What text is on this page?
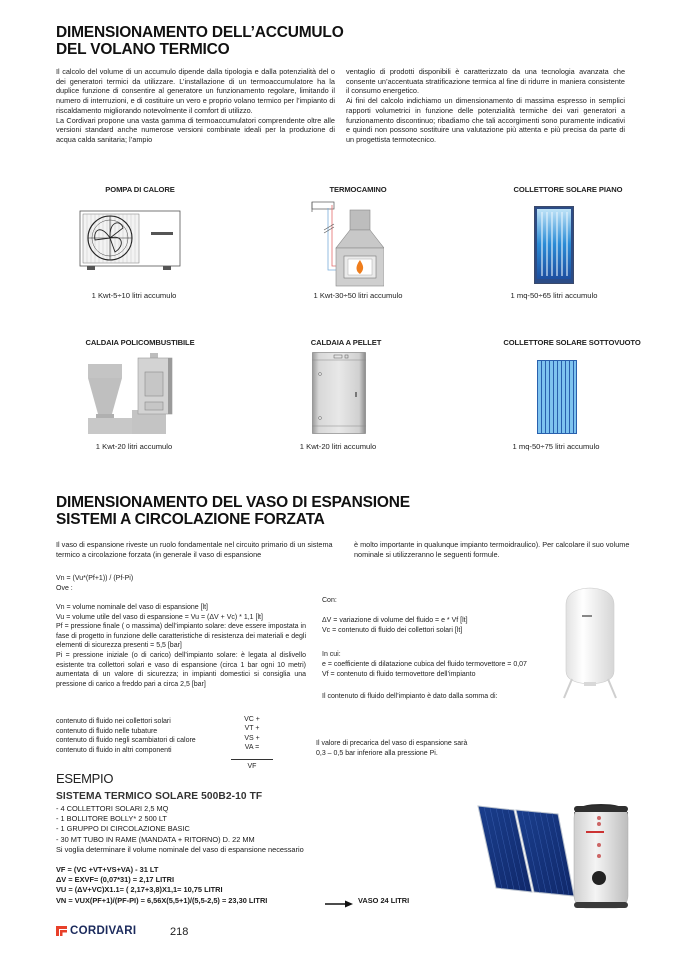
DIMENSIONAMENTO DELL’ACCUMULO
DEL VOLANO TERMICO

Il calcolo del volume di un accumulo dipende dalla tipologia e dalla potenzialità del o dei generatori termici da utilizzare. L’installazione di un termoaccumulatore ha la duplice funzione di consentire al generatore un funzionamento regolare, limitando il numero di interruzioni, e di costituire un vero e proprio volano termico per l’impianto di riscaldamento migliorando notevolmente il comfort di utilizzo.

La Cordivari propone una vasta gamma di termoaccumulatori comprendente oltre alle versioni standard anche numerose versioni combinate ideali per la produzione di acqua calda sanitaria; l’ampio

ventaglio di prodotti disponibili è caratterizzato da una tecnologia avanzata che consente un’accentuata stratificazione termica al fine di ridurre in maniera consistente il consumo energetico.

Ai fini del calcolo indichiamo un dimensionamento di massima espresso in semplici rapporti volumetrici in funzione delle potenzialità termiche dei vari generatori a funzionamento discontinuo; ribadiamo che tali accorgimenti sono puramente indicativi e quindi non possono sostituire una valutazione più attenta e più precisa da parte di un progettista termotecnico.

POMPA DI CALORE	TERMOCAMINO	COLLETTORE SOLARE PIANO
1 Kwt-5÷10 litri accumulo	1 Kwt-30÷50 litri accumulo	1 mq-50÷65 litri accumulo
CALDAIA POLICOMBUSTIBILE	CALDAIA A PELLET	COLLETTORE SOLARE SOTTOVUOTO
1 Kwt-20 litri accumulo	1 Kwt-20 litri accumulo	1 mq-50÷75 litri accumulo
DIMENSIONAMENTO DEL VASO DI ESPANSIONE
SISTEMI A CIRCOLAZIONE FORZATA
Il vaso di espansione riveste un ruolo fondamentale nel circuito primario di un sistema termico a circolazione forzata (in generale il vaso di espansione
è molto importante in qualunque impianto termoidraulico). Per calcolare il suo volume nominale si utilizzeranno le seguenti formule.
Vn = (Vu*(Pf+1)) / (Pf-Pi)
Ove :
Vn = volume nominale del vaso di espansione [lt]
Vu = volume utile del vaso di espansione = Vu = (ΔV + Vc) * 1,1 [lt]
Pf = pressione finale ( o massima) dell’impianto solare: deve essere impostata in fase di progetto in funzione delle caratteristiche di resistenza dei materiali e degli elementi di sicurezza presenti = 5,5 [bar]
Pi = pressione iniziale (o di carico) dell’impianto solare: è legata al dislivello esistente tra collettori solari e vaso di espansione (circa 1 bar ogni 10 metri) aumentata di un valore di sicurezza; in impianti domestici si consiglia una pressione di carico a freddo pari a circa 2,5 [bar]
Con:
ΔV = variazione di volume del fluido = e * Vf [lt]
Vc = contenuto di fluido dei collettori solari [lt]
In cui:
e = coefficiente di dilatazione cubica del fluido termovettore = 0,07
Vf = contenuto di fluido termovettore dell’impianto
Il contenuto di fluido dell’impianto è dato dalla somma di:
contenuto di fluido nei collettori solari
contenuto di fluido nelle tubature
contenuto di fluido negli scambiatori di calore
contenuto di fluido in altri componenti
VC +
VT +
VS +
VA =
VF
Il valore di precarica del vaso di espansione sarà
0,3 – 0,5 bar inferiore alla pressione Pi.
ESEMPIO
SISTEMA TERMICO SOLARE 500B2-10 TF
- 4 COLLETTORI SOLARI 2,5 MQ
- 1 BOLLITORE BOLLY* 2 500 LT
- 1 GRUPPO DI CIRCOLAZIONE BASIC
- 30 MT TUBO IN RAME (MANDATA + RITORNO) D. 22 MM
Si voglia determinare il volume nominale del vaso di espansione necessario
VF = (VC +VT+VS+VA) - 31 LT
ΔV = EXVF= (0,07*31) = 2,17 LITRI
VU = (ΔV+VC)X1.1= ( 2,17+3,8)X1,1= 10,75 LITRI
VN = VUX(PF+1)/(PF-PI) = 6,56X(5,5+1)/(5,5-2,5) = 23,30 LITRI	VASO 24 LITRI
CORDIVARI	218
